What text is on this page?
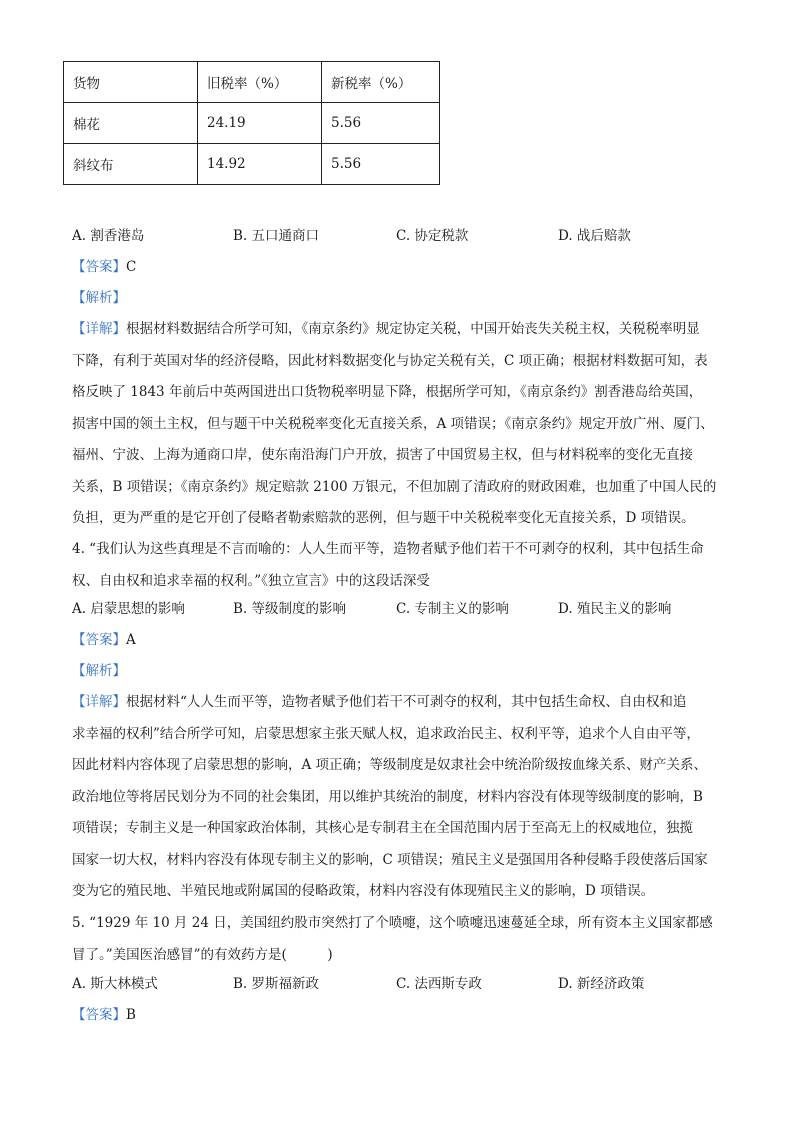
货物	旧税率（%）	新税率（%）
棉花	24.19	5.56
斜纹布	14.92	5.56
A. 割香港岛	B. 五口通商口	C. 协定税款	D. 战后赔款
【答案】C
【解析】
【详解】根据材料数据结合所学可知，《南京条约》规定协定关税，中国开始丧失关税主权，关税税率明显
下降，有利于英国对华的经济侵略，因此材料数据变化与协定关税有关，C 项正确；根据材料数据可知，表
格反映了 1843 年前后中英两国进出口货物税率明显下降，根据所学可知，《南京条约》割香港岛给英国，
损害中国的领土主权，但与题干中关税税率变化无直接关系，A 项错误；《南京条约》规定开放广州、厦门、
福州、宁波、上海为通商口岸，使东南沿海门户开放，损害了中国贸易主权，但与材料税率的变化无直接
关系，B 项错误；《南京条约》规定赔款 2100 万银元，不但加剧了清政府的财政困难，也加重了中国人民的
负担，更为严重的是它开创了侵略者勒索赔款的恶例，但与题干中关税税率变化无直接关系，D 项错误。
4. “我们认为这些真理是不言而喻的：人人生而平等，造物者赋予他们若干不可剥夺的权利，其中包括生命
权、自由权和追求幸福的权利。”《独立宣言》中的这段话深受
A. 启蒙思想的影响	B. 等级制度的影响	C. 专制主义的影响	D. 殖民主义的影响
【答案】A
【解析】
【详解】根据材料“人人生而平等，造物者赋予他们若干不可剥夺的权利，其中包括生命权、自由权和追
求幸福的权利”结合所学可知，启蒙思想家主张天赋人权，追求政治民主、权利平等，追求个人自由平等，
因此材料内容体现了启蒙思想的影响，A 项正确；等级制度是奴隶社会中统治阶级按血缘关系、财产关系、
政治地位等将居民划分为不同的社会集团，用以维护其统治的制度，材料内容没有体现等级制度的影响，B
项错误；专制主义是一种国家政治体制，其核心是专制君主在全国范围内居于至高无上的权威地位，独揽
国家一切大权，材料内容没有体现专制主义的影响，C 项错误；殖民主义是强国用各种侵略手段使落后国家
变为它的殖民地、半殖民地或附属国的侵略政策，材料内容没有体现殖民主义的影响，D 项错误。
5. “1929 年 10 月 24 日，美国纽约股市突然打了个喷嚏，这个喷嚏迅速蔓延全球，所有资本主义国家都感
冒了。”美国医治感冒”的有效药方是(　　　)
A. 斯大林模式	B. 罗斯福新政	C. 法西斯专政	D. 新经济政策
【答案】B
